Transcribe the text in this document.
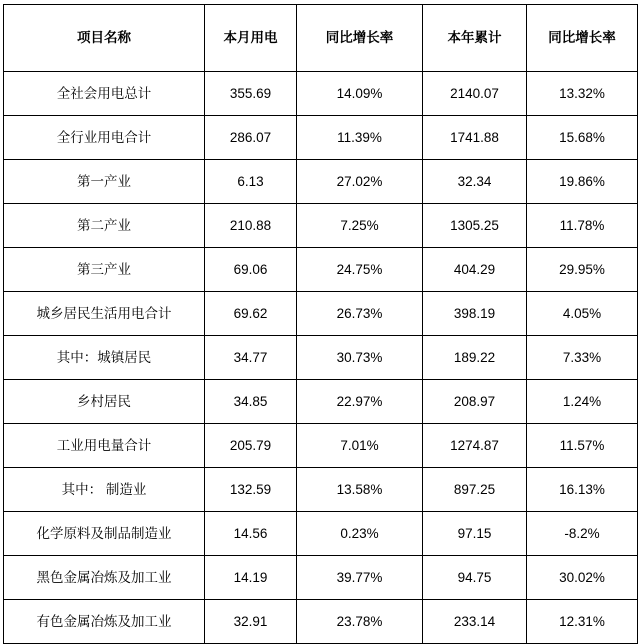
项目名称	本月用电	同比增长率	本年累计	同比增长率
全社会用电总计	355.69	14.09%	2140.07	13.32%
全行业用电合计	286.07	11.39%	1741.88	15.68%
第一产业	6.13	27.02%	32.34	19.86%
第二产业	210.88	7.25%	1305.25	11.78%
第三产业	69.06	24.75%	404.29	29.95%
城乡居民生活用电合计	69.62	26.73%	398.19	4.05%
其中：城镇居民	34.77	30.73%	189.22	7.33%
乡村居民	34.85	22.97%	208.97	1.24%
工业用电量合计	205.79	7.01%	1274.87	11.57%
其中： 制造业	132.59	13.58%	897.25	16.13%
化学原料及制品制造业	14.56	0.23%	97.15	-8.2%
黑色金属冶炼及加工业	14.19	39.77%	94.75	30.02%
有色金属冶炼及加工业	32.91	23.78%	233.14	12.31%
